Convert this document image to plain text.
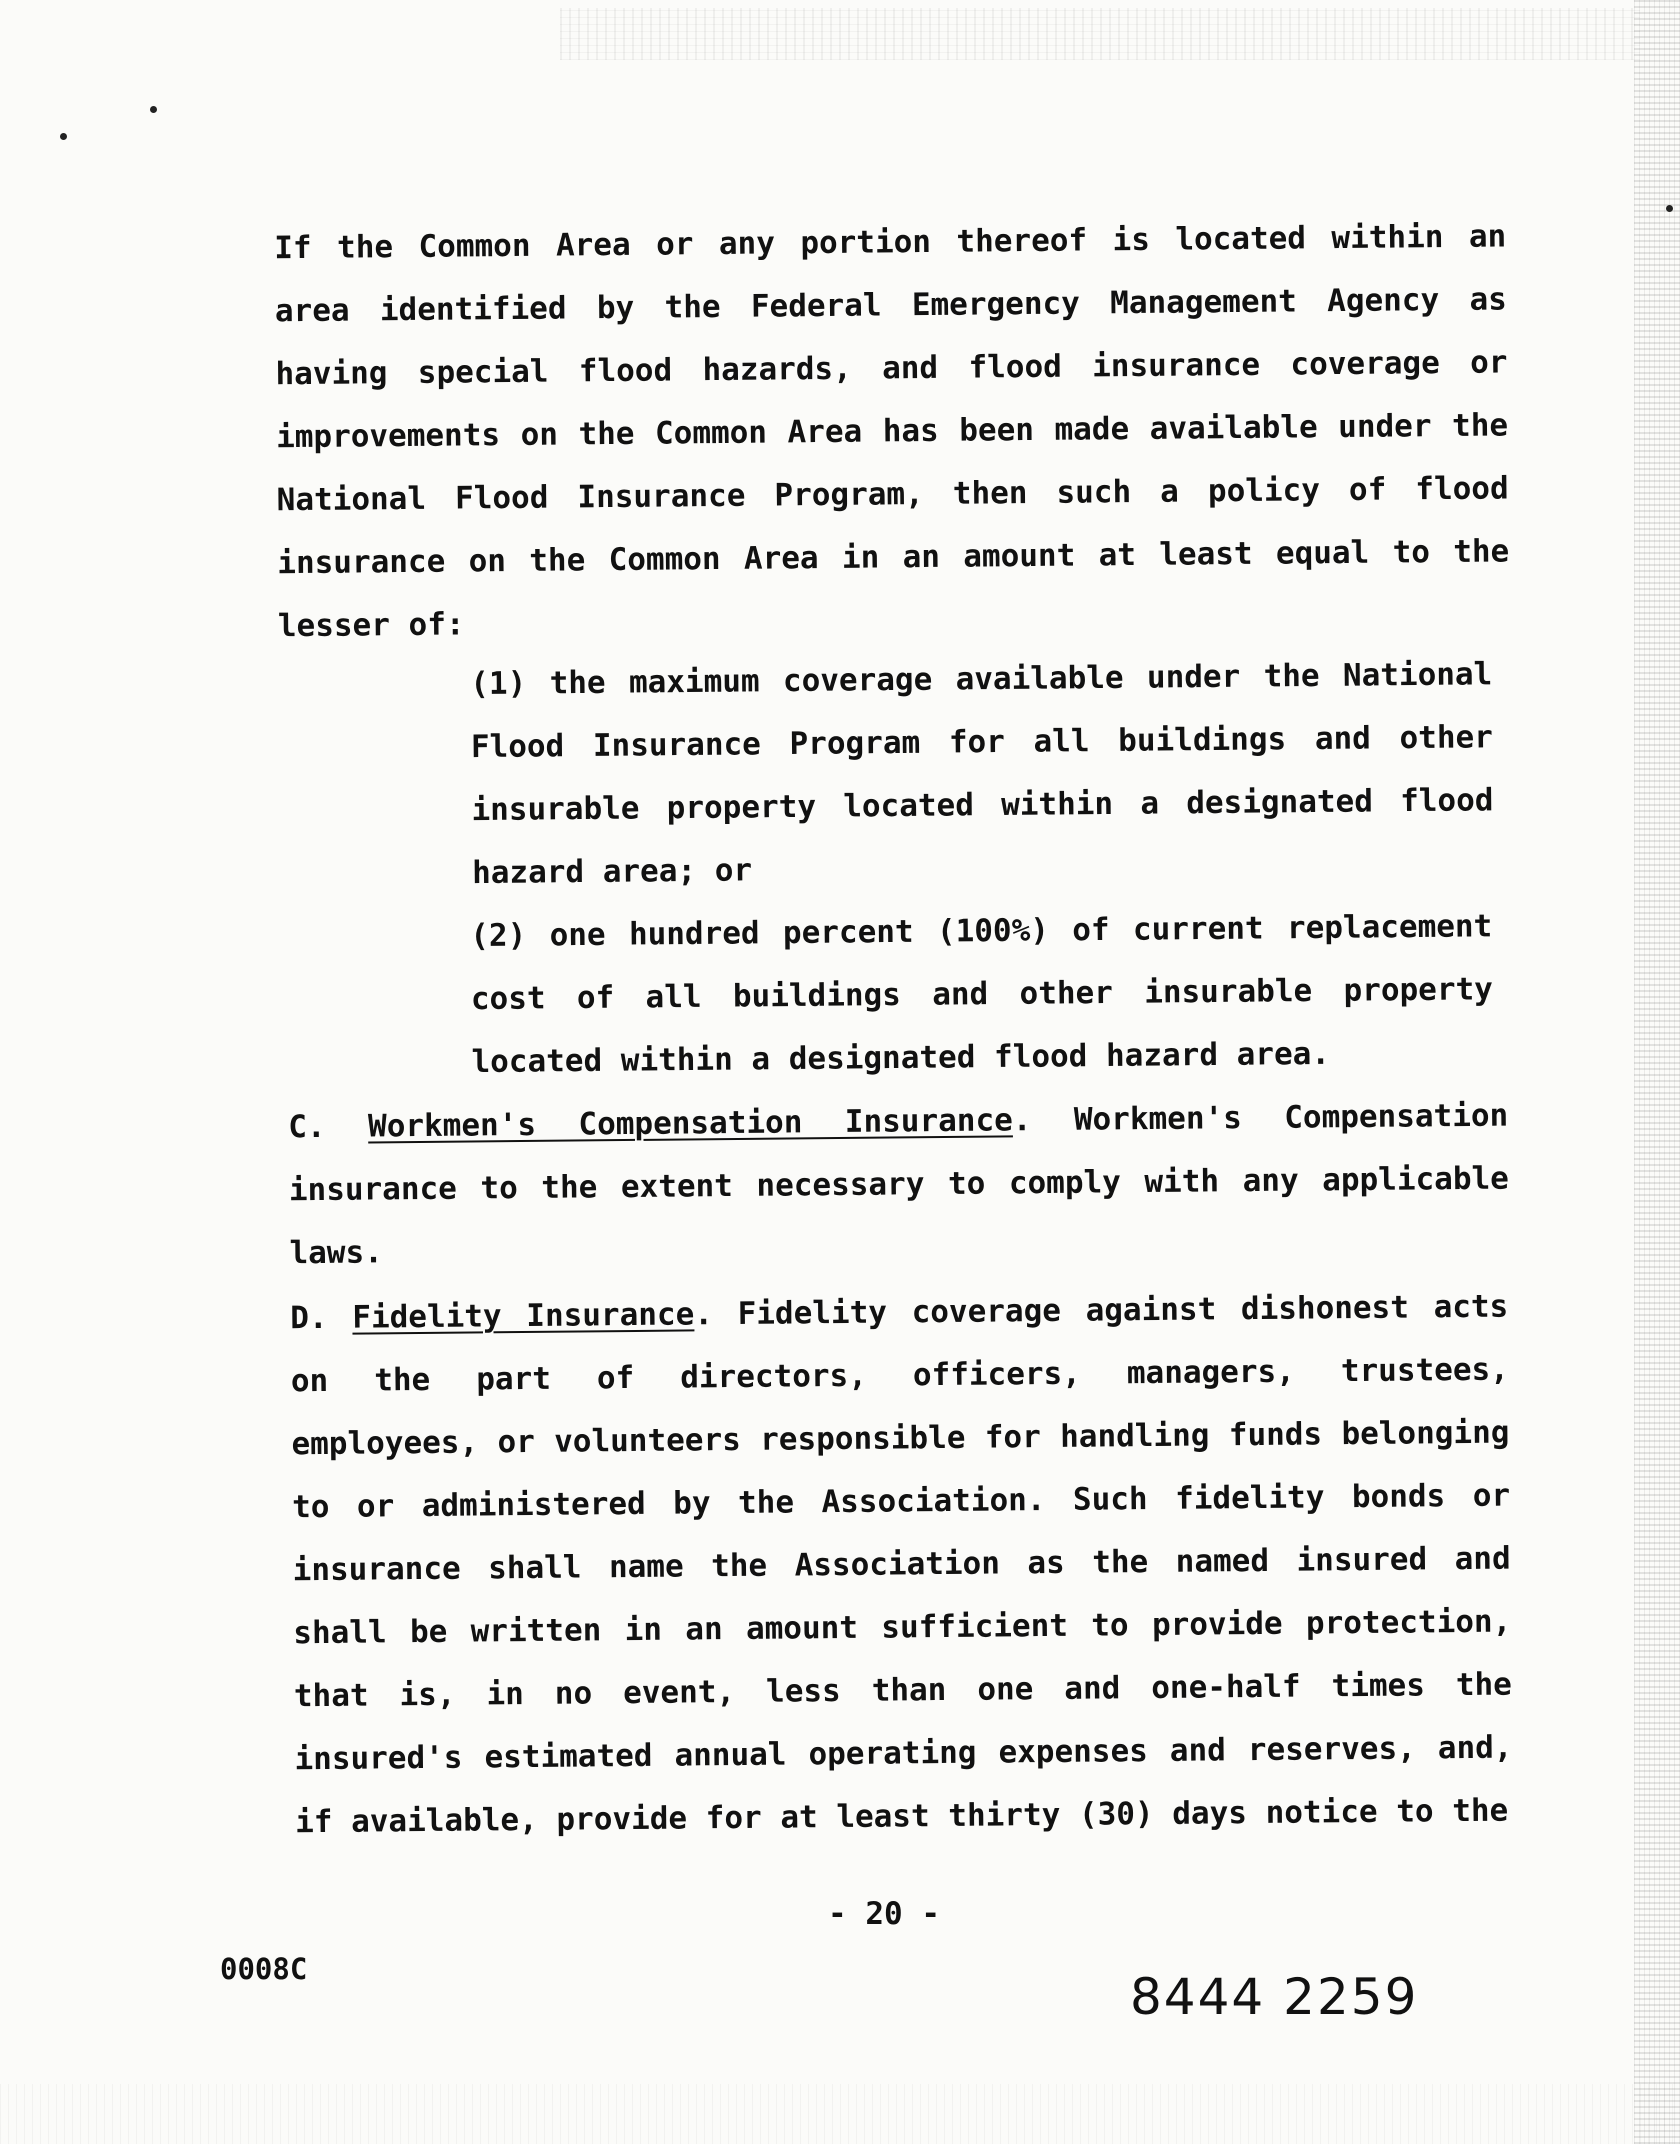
If the Common Area or any portion thereof is located within an area identified by the Federal Emergency Management Agency as having special flood hazards, and flood insurance coverage or improvements on the Common Area has been made available under the National Flood Insurance Program, then such a policy of flood insurance on the Common Area in an amount at least equal to the lesser of:
(1) the maximum coverage available under the National Flood Insurance Program for all buildings and other insurable property located within a designated flood hazard area; or
(2) one hundred percent (100%) of current replacement cost of all buildings and other insurable property located within a designated flood hazard area.
C. Workmen's Compensation Insurance. Workmen's Compensation insurance to the extent necessary to comply with any applicable laws.
D. Fidelity Insurance. Fidelity coverage against dishonest acts on the part of directors, officers, managers, trustees, employees, or volunteers responsible for handling funds belonging to or administered by the Association. Such fidelity bonds or insurance shall name the Association as the named insured and shall be written in an amount sufficient to provide protection, that is, in no event, less than one and one-half times the insured's estimated annual operating expenses and reserves, and, if available, provide for at least thirty (30) days notice to the
- 20 -
0008C	8444 2259
